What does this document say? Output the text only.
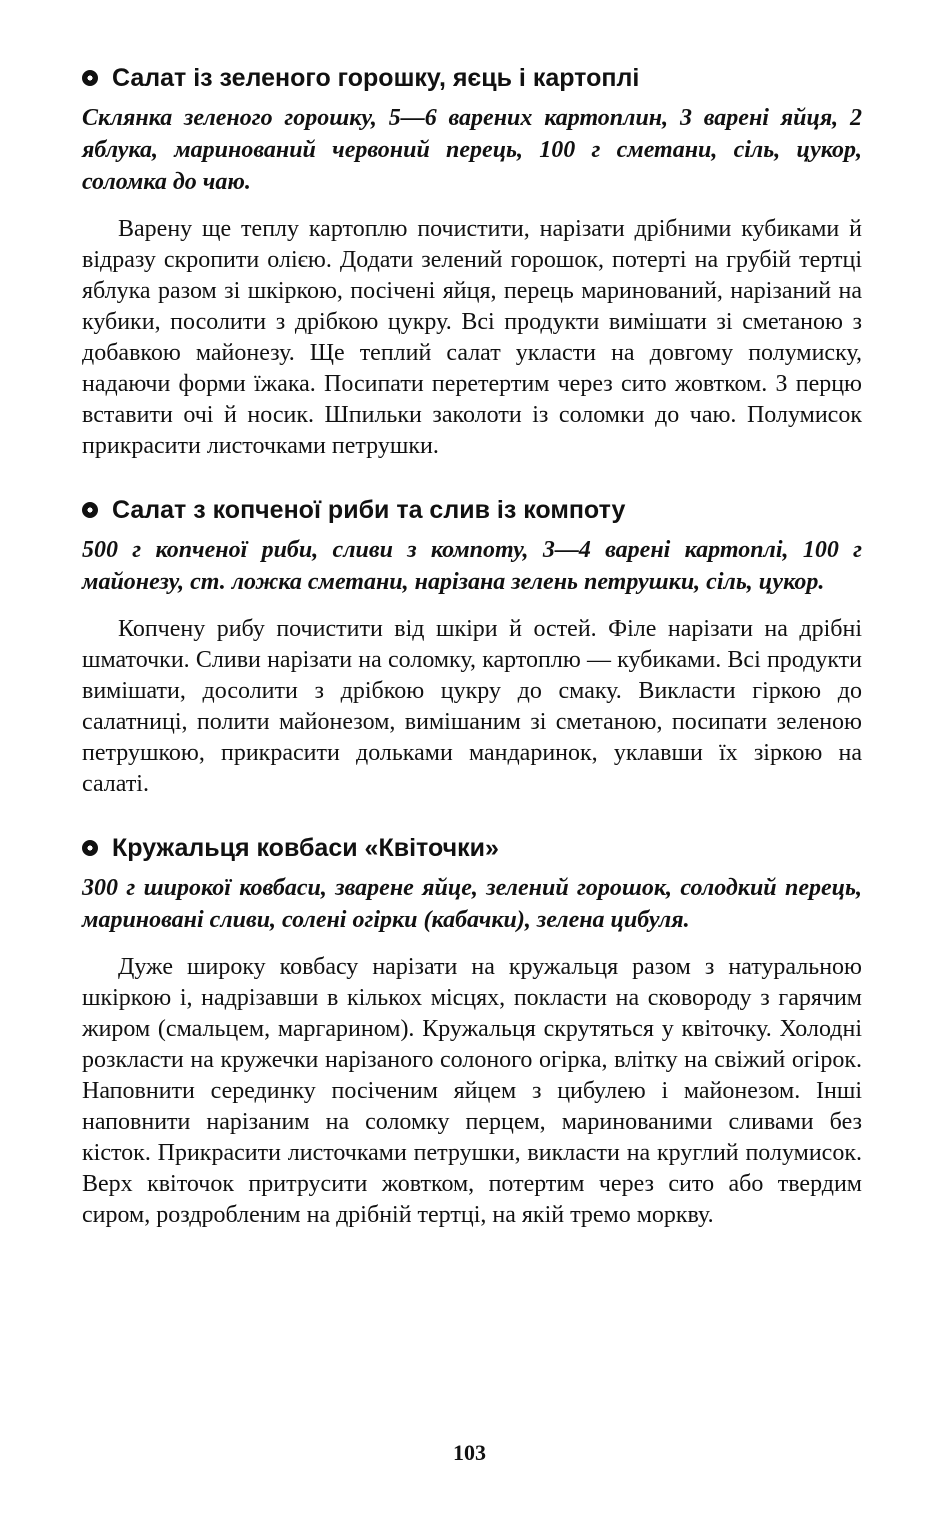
Салат із зеленого горошку, яєць і картоплі

Склянка зеленого горошку, 5—6 варених картоплин, 3 варені яйця, 2 яблука, маринований червоний перець, 100 г сметани, сіль, цукор, соломка до чаю.

Варену ще теплу картоплю почистити, нарізати дрібними кубиками й відразу скропити олією. Додати зелений горошок, потерті на грубій тертці яблука разом зі шкіркою, посічені яйця, перець маринований, нарізаний на кубики, посолити з дрібкою цукру. Всі продукти вимішати зі сметаною з добавкою майонезу. Ще теплий салат укласти на довгому полумиску, надаючи форми їжака. Посипати перетертим через сито жовтком. З перцю вставити очі й носик. Шпильки заколоти із соломки до чаю. Полумисок прикрасити листочками петрушки.

Салат з копченої риби та слив із компоту

500 г копченої риби, сливи з компоту, 3—4 варені картоплі, 100 г майонезу, ст. ложка сметани, нарізана зелень петрушки, сіль, цукор.

Копчену рибу почистити від шкіри й остей. Філе нарізати на дрібні шматочки. Сливи нарізати на соломку, картоплю — кубиками. Всі продукти вимішати, досолити з дрібкою цукру до смаку. Викласти гіркою до салатниці, полити майонезом, вимішаним зі сметаною, посипати зеленою петрушкою, прикрасити дольками мандаринок, уклавши їх зіркою на салаті.

Кружальця ковбаси «Квіточки»

300 г широкої ковбаси, зварене яйце, зелений горошок, солодкий перець, мариновані сливи, солені огірки (кабачки), зелена цибуля.

Дуже широку ковбасу нарізати на кружальця разом з натуральною шкіркою і, надрізавши в кількох місцях, покласти на сковороду з гарячим жиром (смальцем, маргарином). Кружальця скрутяться у квіточку. Холодні розкласти на кружечки нарізаного солоного огірка, влітку на свіжий огірок. Наповнити серединку посіченим яйцем з цибулею і майонезом. Інші наповнити нарізаним на соломку перцем, маринованими сливами без кісток. Прикрасити листочками петрушки, викласти на круглий полумисок. Верх квіточок притрусити жовтком, потертим через сито або твердим сиром, роздробленим на дрібній тертці, на якій тремо моркву.

103
